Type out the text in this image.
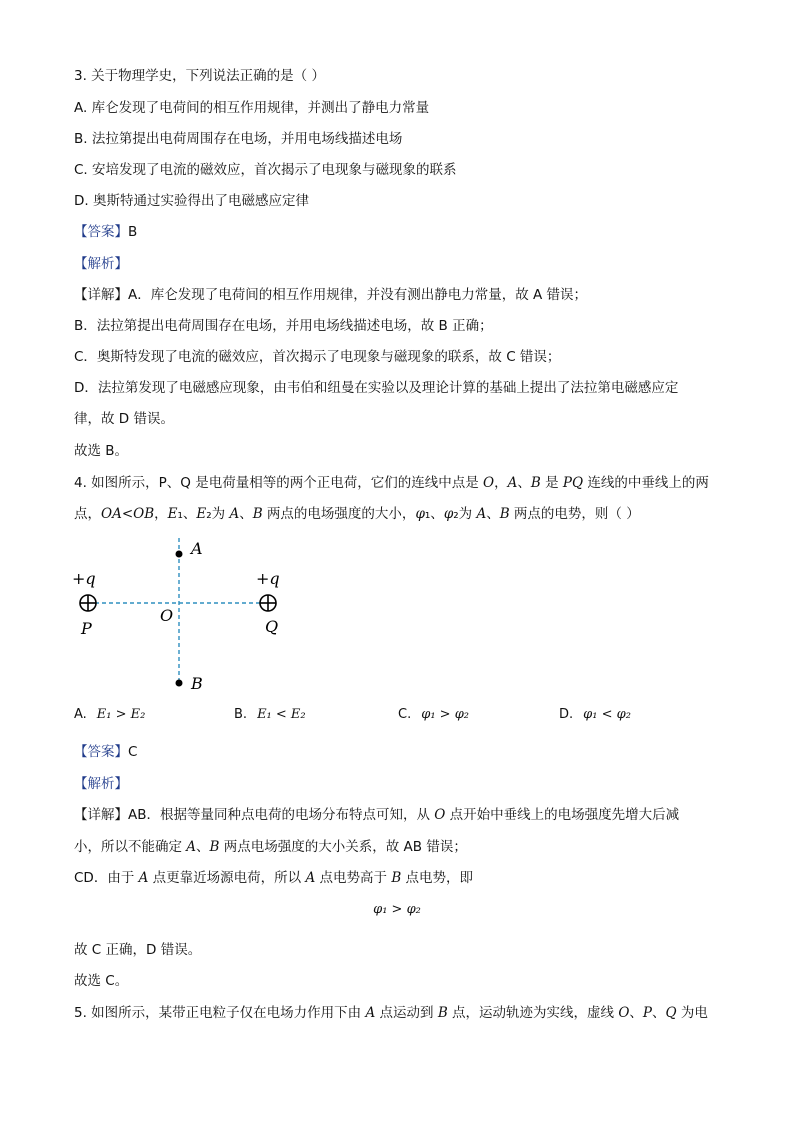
3. 关于物理学史，下列说法正确的是（ ）
A. 库仑发现了电荷间的相互作用规律，并测出了静电力常量
B. 法拉第提出电荷周围存在电场，并用电场线描述电场
C. 安培发现了电流的磁效应，首次揭示了电现象与磁现象的联系
D. 奥斯特通过实验得出了电磁感应定律
【答案】B
【解析】
【详解】A．库仑发现了电荷间的相互作用规律，并没有测出静电力常量，故 A 错误；
B．法拉第提出电荷周围存在电场，并用电场线描述电场，故 B 正确；
C．奥斯特发现了电流的磁效应，首次揭示了电现象与磁现象的联系，故 C 错误；
D．法拉第发现了电磁感应现象，由韦伯和纽曼在实验以及理论计算的基础上提出了法拉第电磁感应定
律，故 D 错误。
故选 B。
4. 如图所示，P、Q 是电荷量相等的两个正电荷，它们的连线中点是 O，A、B 是 PQ 连线的中垂线上的两
点，OA<OB，E₁、E₂为 A、B 两点的电场强度的大小，φ₁、φ₂为 A、B 两点的电势，则（ ）
A
B
O
P	Q
+q	+q
A. E₁ > E₂	B. E₁ < E₂	C. φ₁ > φ₂	D. φ₁ < φ₂
【答案】C
【解析】
【详解】AB．根据等量同种点电荷的电场分布特点可知，从 O 点开始中垂线上的电场强度先增大后减
小，所以不能确定 A、B 两点电场强度的大小关系，故 AB 错误；
CD．由于 A 点更靠近场源电荷，所以 A 点电势高于 B 点电势，即
φ₁ > φ₂
故 C 正确，D 错误。
故选 C。
5. 如图所示，某带正电粒子仅在电场力作用下由 A 点运动到 B 点，运动轨迹为实线，虚线 O、P、Q 为电
